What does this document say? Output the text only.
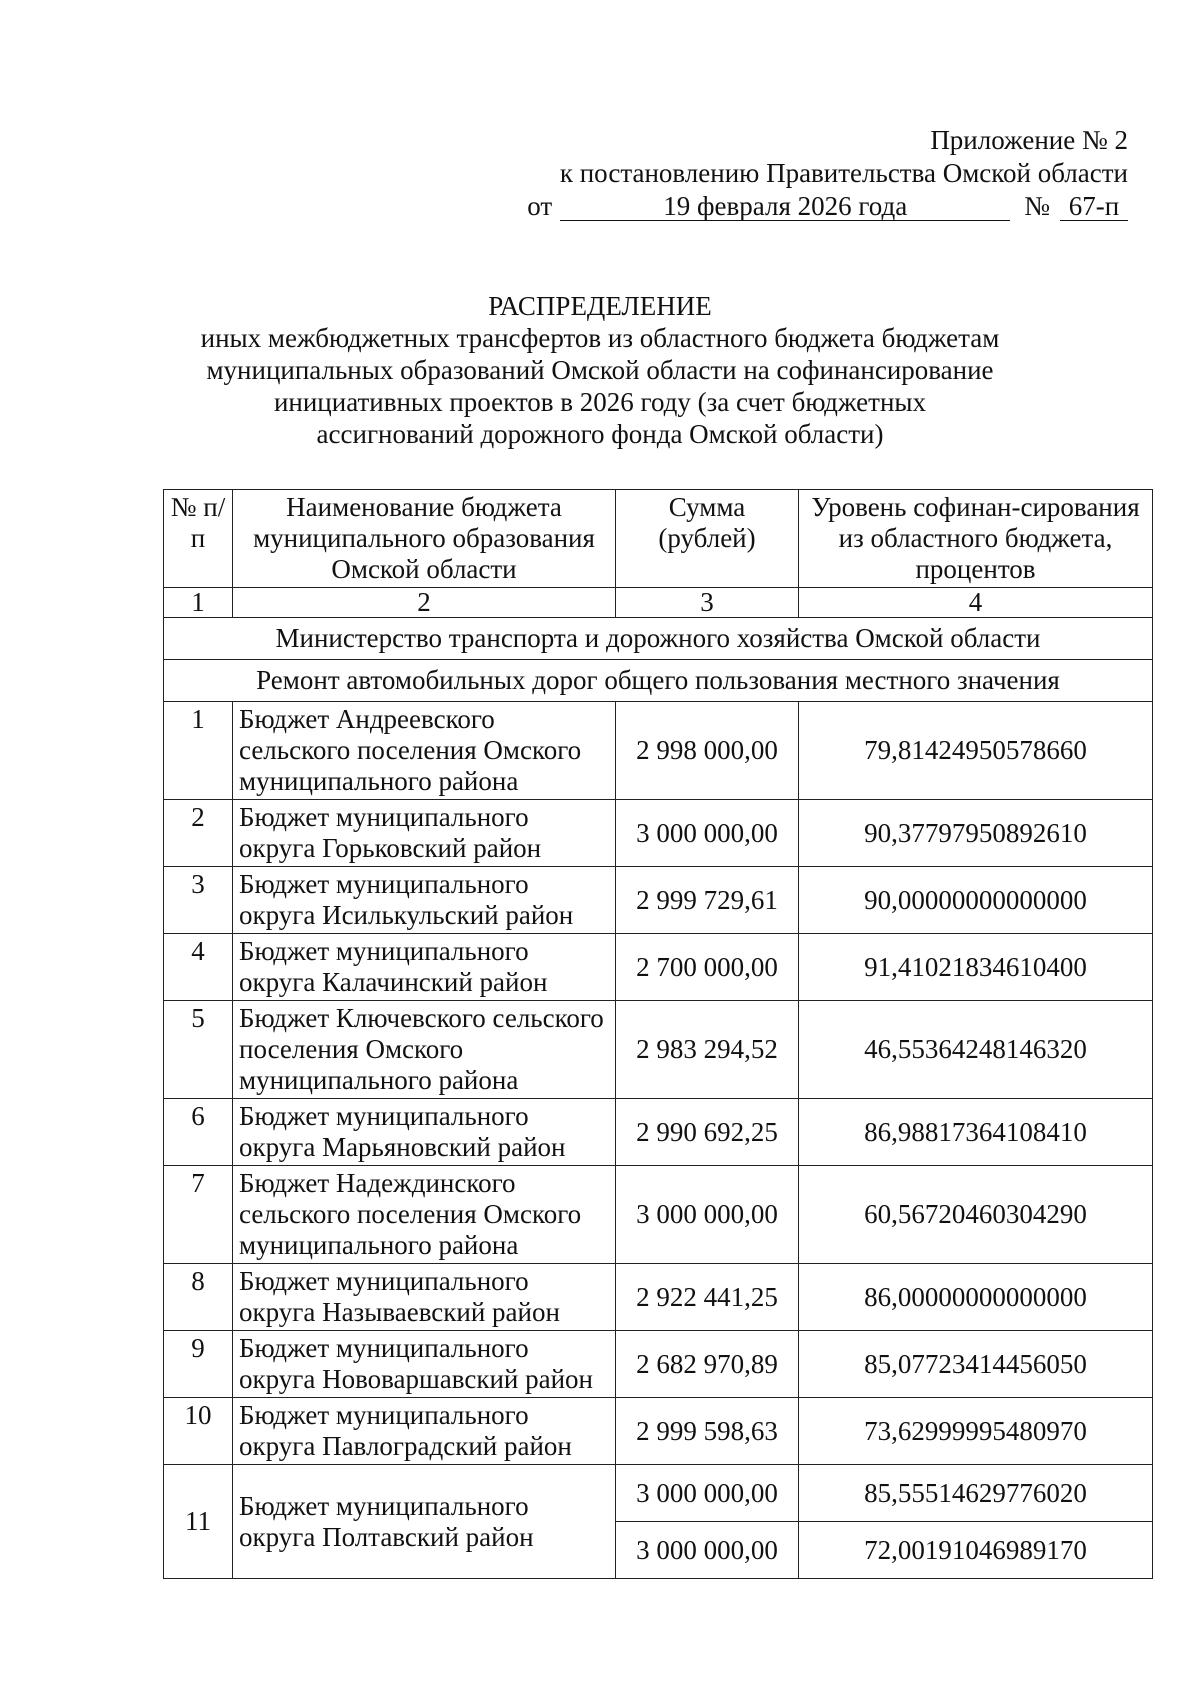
Приложение № 2
к постановлению Правительства Омской области
от	19 февраля 2026 года	№ 67-п
РАСПРЕДЕЛЕНИЕ
иных межбюджетных трансфертов из областного бюджета бюджетам
муниципальных образований Омской области на софинансирование
инициативных проектов в 2026 году (за счет бюджетных
ассигнований дорожного фонда Омской области)
№ п/п	Наименование бюджета муниципального образования Омской области	Сумма (рублей)	Уровень софинан-сирования из областного бюджета, процентов
1	2	3	4
Министерство транспорта и дорожного хозяйства Омской области			
Ремонт автомобильных дорог общего пользования местного значения			
1	Бюджет Андреевского сельского поселения Омского муниципального района	2 998 000,00	79,81424950578660
2	Бюджет муниципального округа Горьковский район	3 000 000,00	90,37797950892610
3	Бюджет муниципального округа Исилькульский район	2 999 729,61	90,00000000000000
4	Бюджет муниципального округа Калачинский район	2 700 000,00	91,41021834610400
5	Бюджет Ключевского сельского поселения Омского муниципального района	2 983 294,52	46,55364248146320
6	Бюджет муниципального округа Марьяновский район	2 990 692,25	86,98817364108410
7	Бюджет Надеждинского сельского поселения Омского муниципального района	3 000 000,00	60,56720460304290
8	Бюджет муниципального округа Называевский район	2 922 441,25	86,00000000000000
9	Бюджет муниципального округа Нововаршавский район	2 682 970,89	85,07723414456050
10	Бюджет муниципального округа Павлоградский район	2 999 598,63	73,62999995480970
11	Бюджет муниципального округа Полтавский район	3 000 000,00	85,55514629776020
		3 000 000,00	72,00191046989170
